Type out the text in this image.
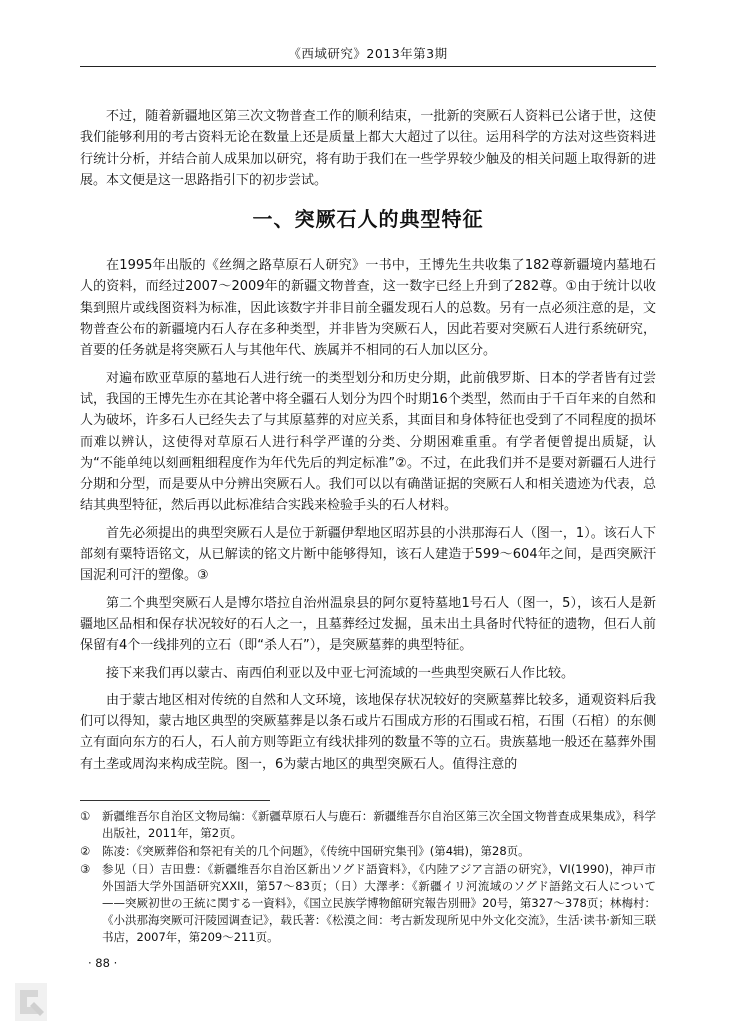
《西域研究》2013年第3期

不过，随着新疆地区第三次文物普查工作的顺利结束，一批新的突厥石人资料已公诸于世，这使我们能够利用的考古资料无论在数量上还是质量上都大大超过了以往。运用科学的方法对这些资料进行统计分析，并结合前人成果加以研究，将有助于我们在一些学界较少触及的相关问题上取得新的进展。本文便是这一思路指引下的初步尝试。

一、突厥石人的典型特征

在1995年出版的《丝绸之路草原石人研究》一书中，王博先生共收集了182尊新疆境内墓地石人的资料，而经过2007～2009年的新疆文物普查，这一数字已经上升到了282尊。①由于统计以收集到照片或线图资料为标准，因此该数字并非目前全疆发现石人的总数。另有一点必须注意的是，文物普查公布的新疆境内石人存在多种类型，并非皆为突厥石人，因此若要对突厥石人进行系统研究，首要的任务就是将突厥石人与其他年代、族属并不相同的石人加以区分。

对遍布欧亚草原的墓地石人进行统一的类型划分和历史分期，此前俄罗斯、日本的学者皆有过尝试，我国的王博先生亦在其论著中将全疆石人划分为四个时期16个类型，然而由于千百年来的自然和人为破坏，许多石人已经失去了与其原墓葬的对应关系，其面目和身体特征也受到了不同程度的损坏而难以辨认，这使得对草原石人进行科学严谨的分类、分期困难重重。有学者便曾提出质疑，认为“不能单纯以刻画粗细程度作为年代先后的判定标准”②。不过，在此我们并不是要对新疆石人进行分期和分型，而是要从中分辨出突厥石人。我们可以以有确凿证据的突厥石人和相关遗迹为代表，总结其典型特征，然后再以此标准结合实践来检验手头的石人材料。

首先必须提出的典型突厥石人是位于新疆伊犁地区昭苏县的小洪那海石人（图一，1）。该石人下部刻有粟特语铭文，从已解读的铭文片断中能够得知，该石人建造于599～604年之间，是西突厥汗国泥利可汗的塑像。③

第二个典型突厥石人是博尔塔拉自治州温泉县的阿尔夏特墓地1号石人（图一，5），该石人是新疆地区品相和保存状况较好的石人之一，且墓葬经过发掘，虽未出土具备时代特征的遗物，但石人前保留有4个一线排列的立石（即“杀人石”），是突厥墓葬的典型特征。

接下来我们再以蒙古、南西伯利亚以及中亚七河流域的一些典型突厥石人作比较。

由于蒙古地区相对传统的自然和人文环境，该地保存状况较好的突厥墓葬比较多，通观资料后我们可以得知，蒙古地区典型的突厥墓葬是以条石或片石围成方形的石围或石棺，石围（石棺）的东侧立有面向东方的石人，石人前方则等距立有线状排列的数量不等的立石。贵族墓地一般还在墓葬外围有土垄或周沟来构成茔院。图一，6为蒙古地区的典型突厥石人。值得注意的

①	新疆维吾尔自治区文物局编：《新疆草原石人与鹿石：新疆维吾尔自治区第三次全国文物普查成果集成》，科学出版社，2011年，第2页。
②	陈凌：《突厥葬俗和祭祀有关的几个问题》，《传统中国研究集刊》(第4辑)，第28页。
③	参见（日）吉田豊：《新疆维吾尔自治区新出ソグド語資料》，《内陸アジア言語の研究》，VI(1990)，神戸市外国語大学外国語研究XXII，第57～83页；（日）大澤孝：《新疆イリ河流域のソグド語銘文石人について——突厥初世の王統に関する一資料》，《国立民族学博物館研究報告別冊》20号，第327～378页；林梅村：《小洪那海突厥可汗陵园调查记》，载氏著：《松漠之间：考古新发现所见中外文化交流》，生活·读书·新知三联书店，2007年，第209～211页。
· 88 ·
